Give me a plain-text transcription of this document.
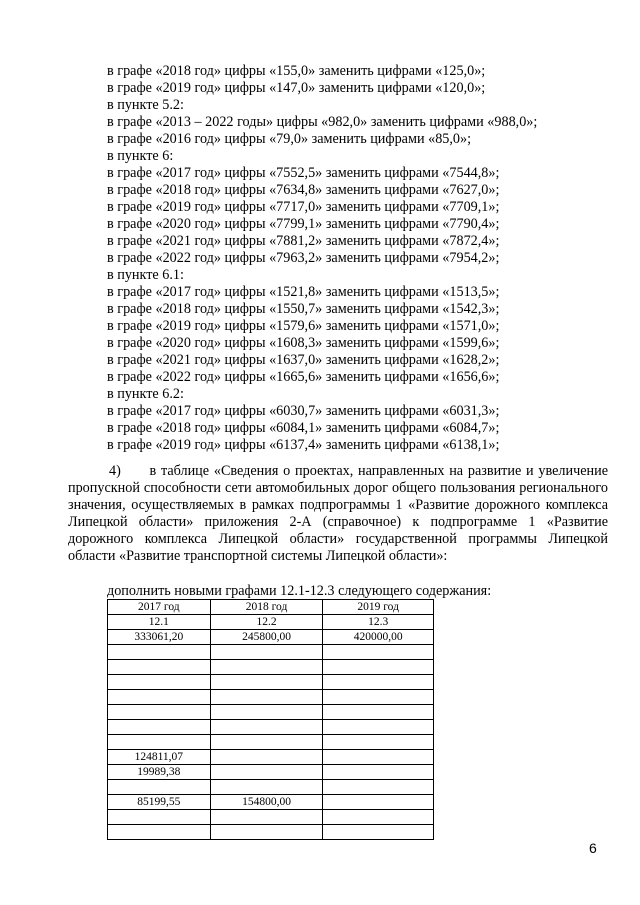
в графе «2018 год» цифры «155,0» заменить цифрами «125,0»;
в графе «2019 год» цифры «147,0» заменить цифрами «120,0»;
в пункте 5.2:
в графе «2013 – 2022 годы» цифры «982,0» заменить цифрами «988,0»;
в графе «2016 год» цифры «79,0» заменить цифрами «85,0»;
в пункте 6:
в графе «2017 год» цифры «7552,5» заменить цифрами «7544,8»;
в графе «2018 год» цифры «7634,8» заменить цифрами «7627,0»;
в графе «2019 год» цифры «7717,0» заменить цифрами «7709,1»;
в графе «2020 год» цифры «7799,1» заменить цифрами «7790,4»;
в графе «2021 год» цифры «7881,2» заменить цифрами «7872,4»;
в графе «2022 год» цифры «7963,2» заменить цифрами «7954,2»;
в пункте 6.1:
в графе «2017 год» цифры «1521,8» заменить цифрами «1513,5»;
в графе «2018 год» цифры «1550,7» заменить цифрами «1542,3»;
в графе «2019 год» цифры «1579,6» заменить цифрами «1571,0»;
в графе «2020 год» цифры «1608,3» заменить цифрами «1599,6»;
в графе «2021 год» цифры «1637,0» заменить цифрами «1628,2»;
в графе «2022 год» цифры «1665,6» заменить цифрами «1656,6»;
в пункте 6.2:
в графе «2017 год» цифры «6030,7» заменить цифрами «6031,3»;
в графе «2018 год» цифры «6084,1» заменить цифрами «6084,7»;
в графе «2019 год» цифры «6137,4» заменить цифрами «6138,1»;
4) в таблице «Сведения о проектах, направленных на развитие и увеличение пропускной способности сети автомобильных дорог общего пользования регионального значения, осуществляемых в рамках подпрограммы 1 «Развитие дорожного комплекса Липецкой области» приложения 2-А (справочное) к подпрограмме 1 «Развитие дорожного комплекса Липецкой области» государственной программы Липецкой области «Развитие транспортной системы Липецкой области»:
дополнить новыми графами 12.1-12.3 следующего содержания:
2017 год	2018 год	2019 год
12.1	12.2	12.3
333061,20	245800,00	420000,00

124811,07		
19989,38		

85199,55	154800,00	

6
